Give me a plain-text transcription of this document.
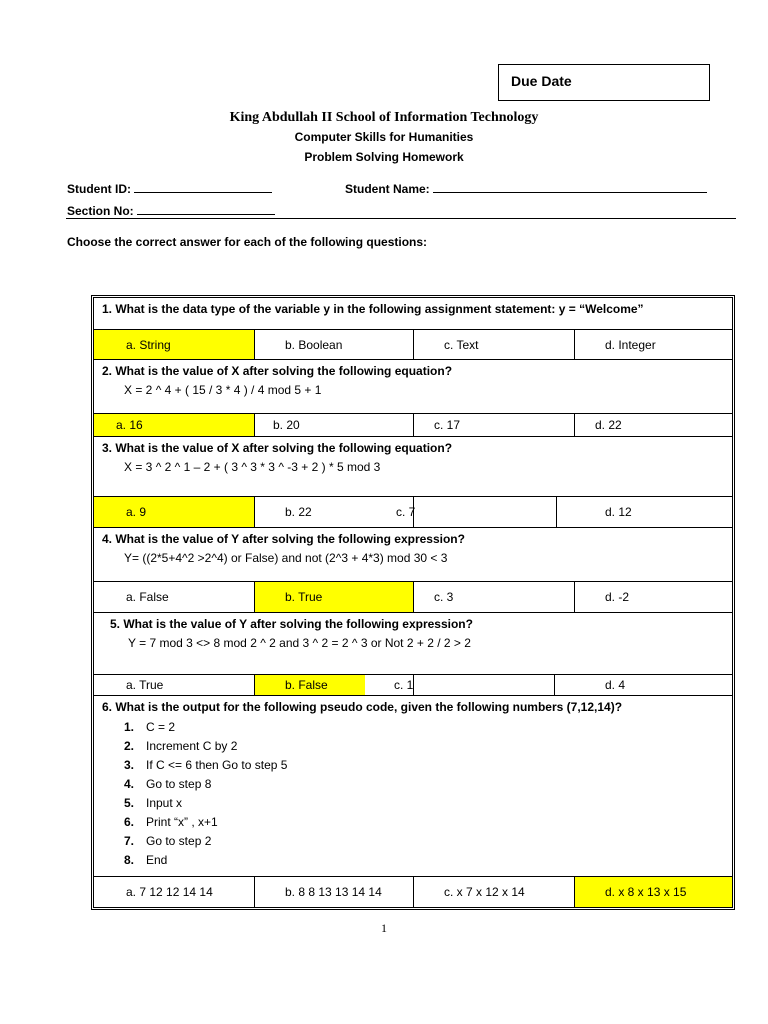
Due Date
King Abdullah II School of Information Technology
Computer Skills for Humanities
Problem Solving Homework
Student ID:	Student Name:
Section No:
Choose the correct answer for each of the following questions:
1. What is the data type of the variable y in the following assignment statement: y = “Welcome”
a. String	b. Boolean	c. Text	d. Integer
2. What is the value of X after solving the following equation?
X = 2 ^ 4 + ( 15 / 3 * 4 ) / 4 mod 5 + 1
a. 16	b. 20	c. 17	d. 22
3. What is the value of X after solving the following equation?
X = 3 ^ 2 ^ 1 – 2 + ( 3 ^ 3 * 3 ^ -3 + 2 ) * 5 mod 3
a. 9	b. 22	c. 7	d. 12
4. What is the value of Y after solving the following expression?
Y= ((2*5+4^2 >2^4) or False) and not (2^3 + 4*3) mod 30 < 3
a. False	b. True	c. 3	d. -2
5. What is the value of Y after solving the following expression?
Y = 7 mod 3 <> 8 mod 2 ^ 2 and 3 ^ 2 = 2 ^ 3 or Not 2 + 2 / 2 > 2
a. True	b. False	c. 1	d. 4
6. What is the output for the following pseudo code, given the following numbers (7,12,14)?
1. C = 2
2. Increment C by 2
3. If C <= 6 then Go to step 5
4. Go to step 8
5. Input x
6. Print “x” , x+1
7. Go to step 2
8. End
a. 7 12 12 14 14	b. 8 8 13 13 14 14	c. x 7 x 12 x 14	d. x 8 x 13 x 15
1
